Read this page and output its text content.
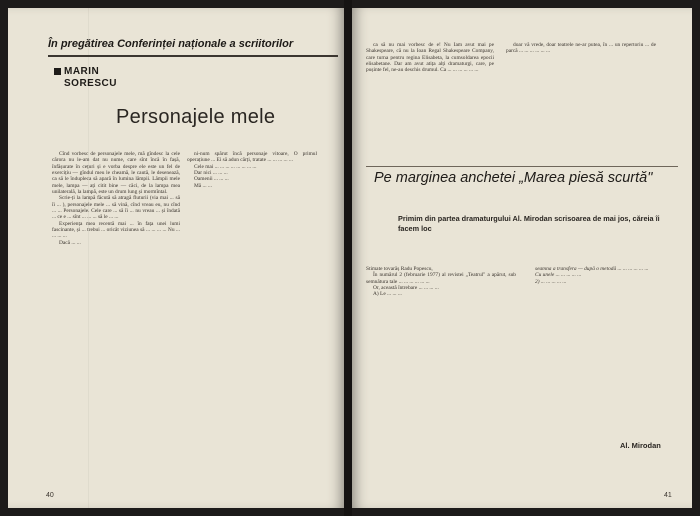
În pregătirea Conferinței naționale a scriitorilor
MARIN
SORESCU
Personajele mele

Cînd vorbesc de personajele mele, mă gîndesc la cele cărora nu le-am dat nu nume, care sînt încă în fașă, înfășurate în cețuri și e vorba despre ele este un fel de exercițiu — gîndul meu le cheamă, le caută, le desenează, ca să le îndupleca să apară în lumina lămpii. Lămpii mele mele, lampa — ați citit bine — căci, de la lampa mea unilaterală, la lampă, este un drum lung și mormîntal.

Scrie-ți la lampă făcută să atragă fluturii (via mai ... să îi ... ), personajele mele ... să vină, cînd vreau eu, nu cînd ... ... Personajele. Cele care ... să îi ... nu vreau ... și îndată ... ce e ... sînt ... ... ... să le ... ...

Experiența mea recentă mai ... în fața unei lumi fascinante, și ... trebui ... oricât viziunea să ... ... ... ... Nu ... ... ... ...

Dacă ... ...

ni-num spărut încă personaje vitoare, O primul operațiune ... Ei să adun cărți, tratate ... ... ... ... ...

Cele mai ... ... ... ... ... ... ... ...

Dar nici ... ... ...

Oamenii ... ... ...

Mă ... ...

40

ca să nu mai vorbesc de e! Nu Iam avut mai pe Shakespeare, că nu la Ioan Regal Shakespeare Company, care turna pentru regina Elisabeta, la cumsoldarea epocii elisabetane. Dar am avut atița alți dramaturgi, care, pe pușinte fel, ne-au deschis drumul. Ca ... ... ... ... ... ...

doar vă vrede, doar teatrele ne-ar putea, în ... un repertoriu ... de parcă ... ... ... ... ... ...

Pe marginea anchetei „Marea piesă scurtă"
Primim din partea dramaturgului Al. Mirodan scrisoarea de mai jos, căreia îi facem loc

Stimate tovarăș Radu Popescu,

În numărul 2 (februarie 1977) al revistei „Teatrul" a apărut, sub semnătura tale ... ... ... ... ... ...

Or, această întrebare ... ... ... ...

A) Le ... ... ...

seamna a transfera — după o metodă ... ... ... ... ... ...

Cu unele ... ... ... ... ...

2) ... ... ... ... ...

Al. Mirodan
41
